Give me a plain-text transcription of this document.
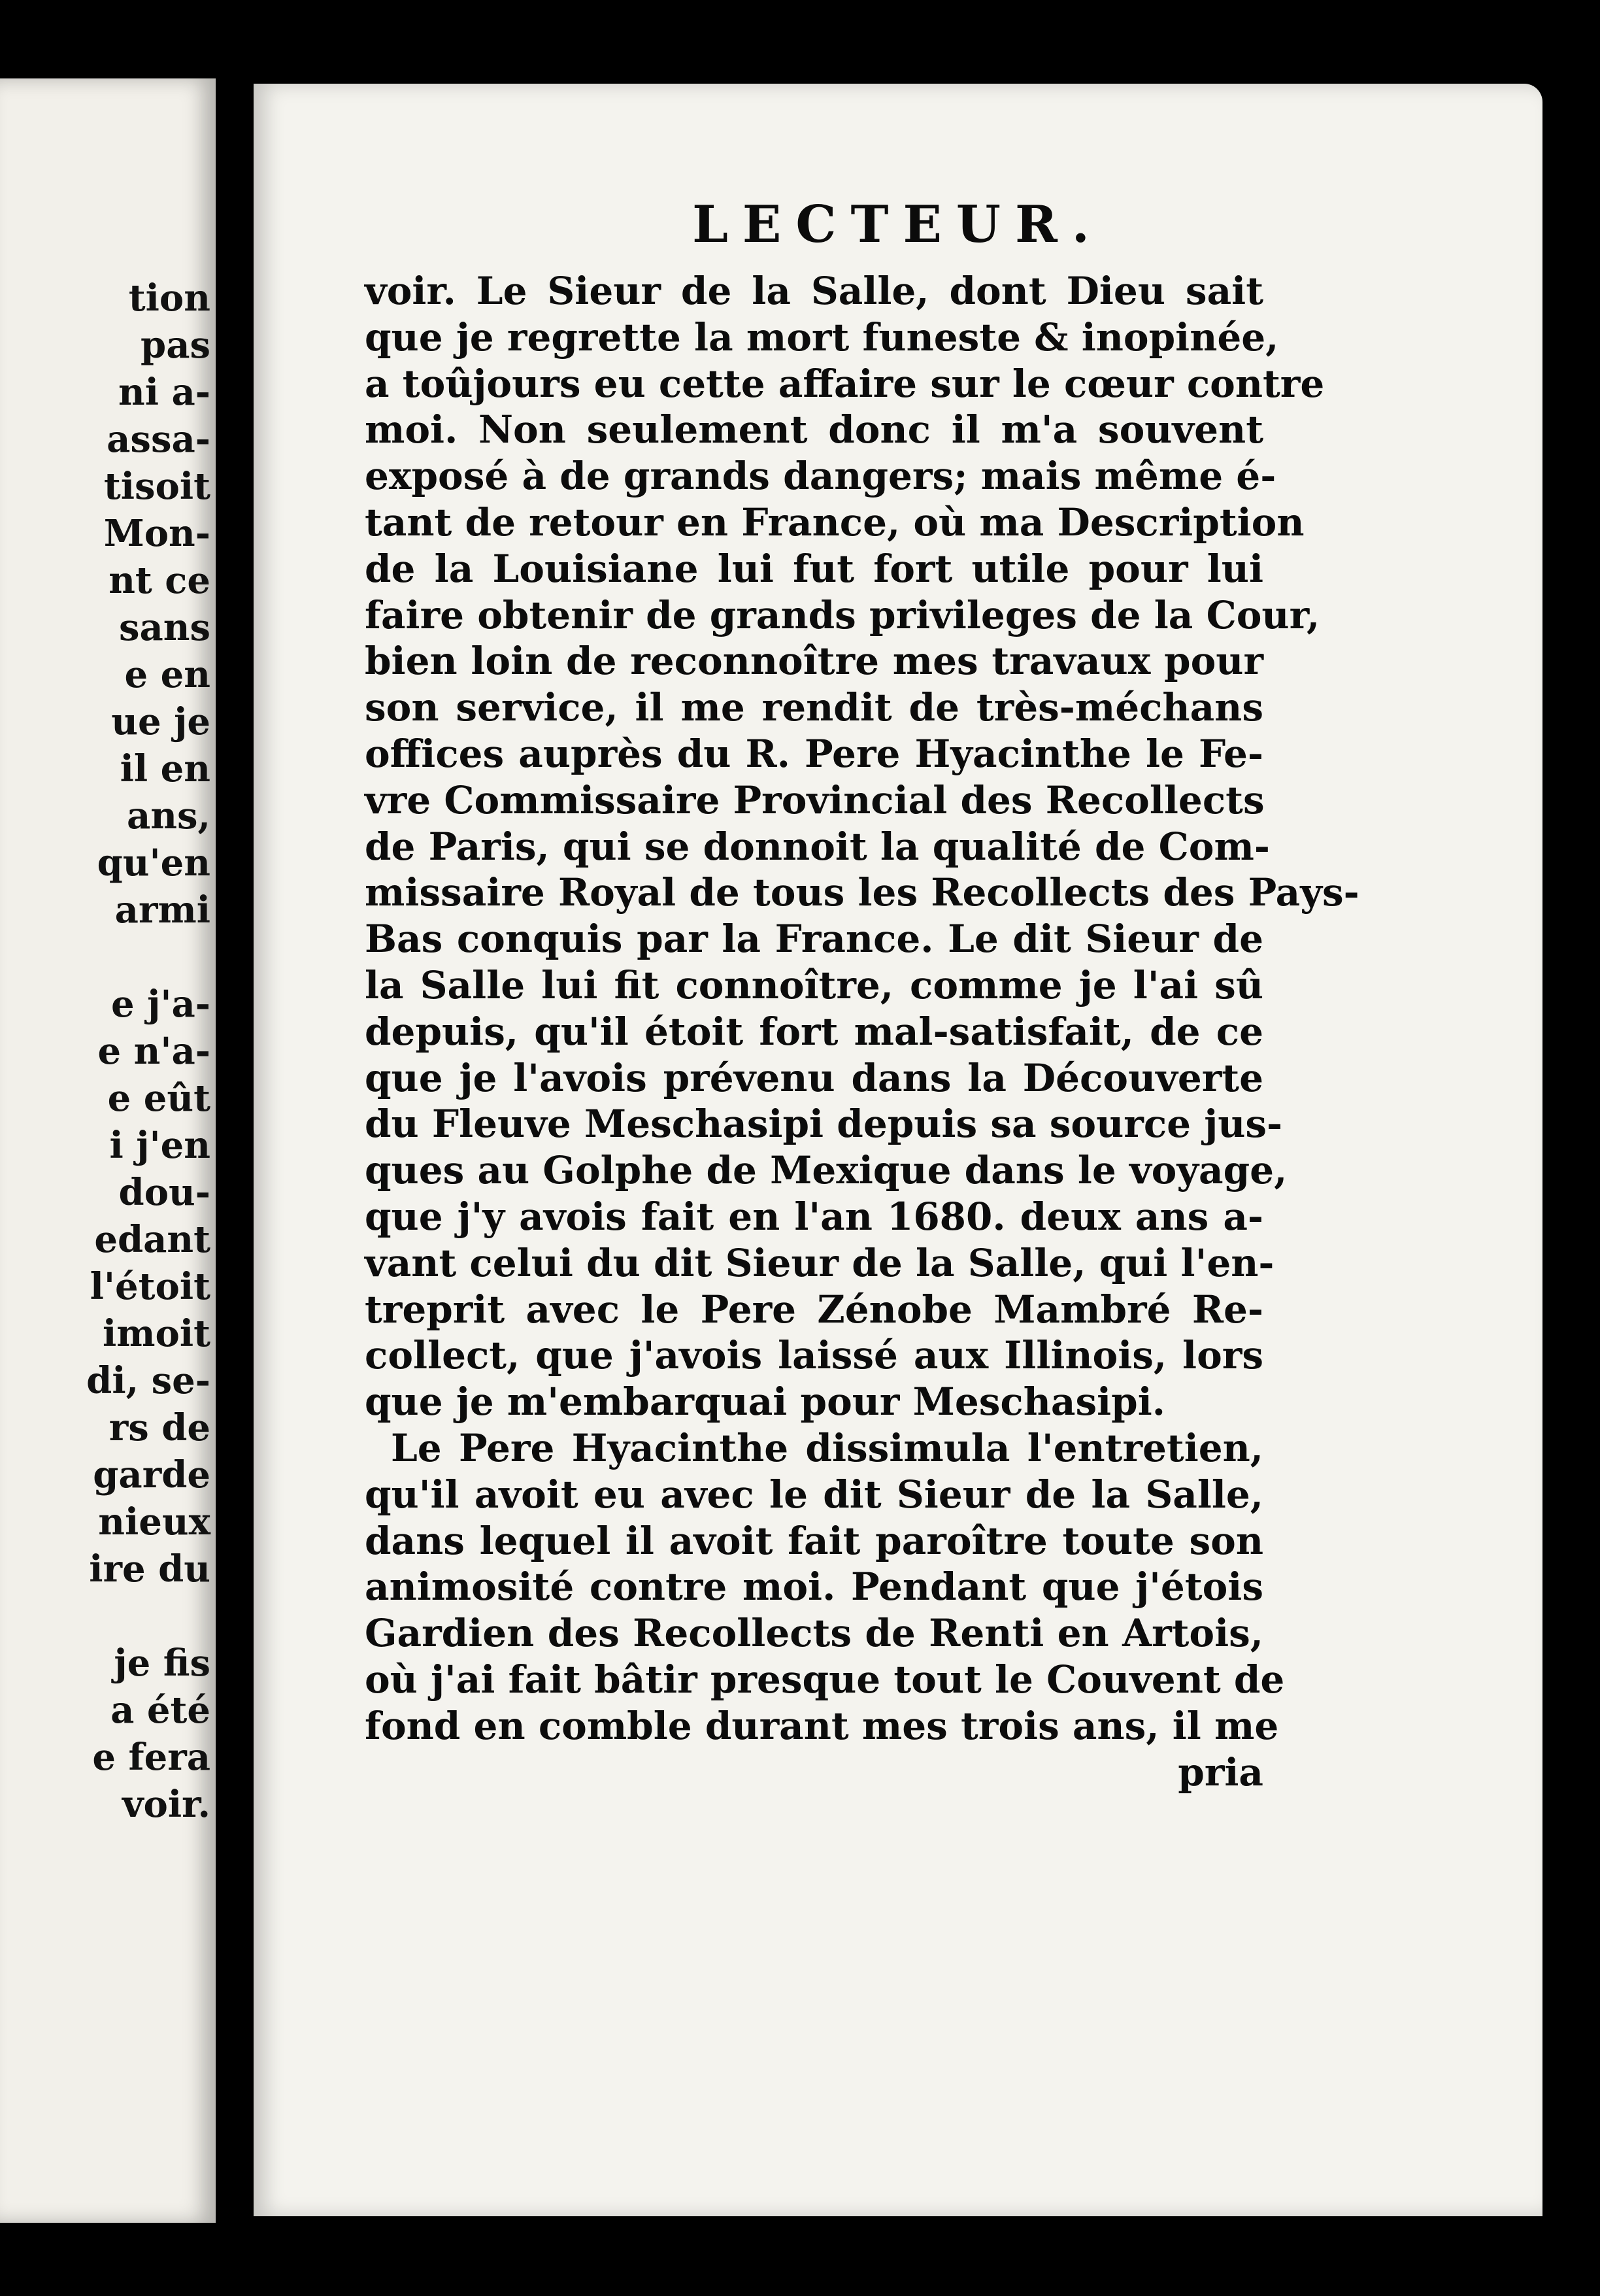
tion
pas
ni a-
assa-
tisoit
Mon-
nt ce
sans
e en
ue je
il en
ans,
qu'en
armi
e j'a-
e n'a-
e eût
i j'en
dou-
edant
l'étoit
imoit
di, se-
rs de
garde
nieux
ire du
je fis
a été
e fera
voir.
LECTEUR.
voir. Le Sieur de la Salle, dont Dieu sait
que je regrette la mort funeste & inopinée,
a toûjours eu cette affaire sur le cœur contre
moi. Non seulement donc il m'a souvent
exposé à de grands dangers; mais même é-
tant de retour en France, où ma Description
de la Louisiane lui fut fort utile pour lui
faire obtenir de grands privileges de la Cour,
bien loin de reconnoître mes travaux pour
son service, il me rendit de très-méchans
offices auprès du R. Pere Hyacinthe le Fe-
vre Commissaire Provincial des Recollects
de Paris, qui se donnoit la qualité de Com-
missaire Royal de tous les Recollects des Pays-
Bas conquis par la France. Le dit Sieur de
la Salle lui fit connoître, comme je l'ai sû
depuis, qu'il étoit fort mal-satisfait, de ce
que je l'avois prévenu dans la Découverte
du Fleuve Meschasipi depuis sa source jus-
ques au Golphe de Mexique dans le voyage,
que j'y avois fait en l'an 1680. deux ans a-
vant celui du dit Sieur de la Salle, qui l'en-
treprit avec le Pere Zénobe Mambré Re-
collect, que j'avois laissé aux Illinois, lors
que je m'embarquai pour Meschasipi.
Le Pere Hyacinthe dissimula l'entretien,
qu'il avoit eu avec le dit Sieur de la Salle,
dans lequel il avoit fait paroître toute son
animosité contre moi. Pendant que j'étois
Gardien des Recollects de Renti en Artois,
où j'ai fait bâtir presque tout le Couvent de
fond en comble durant mes trois ans, il me
pria
